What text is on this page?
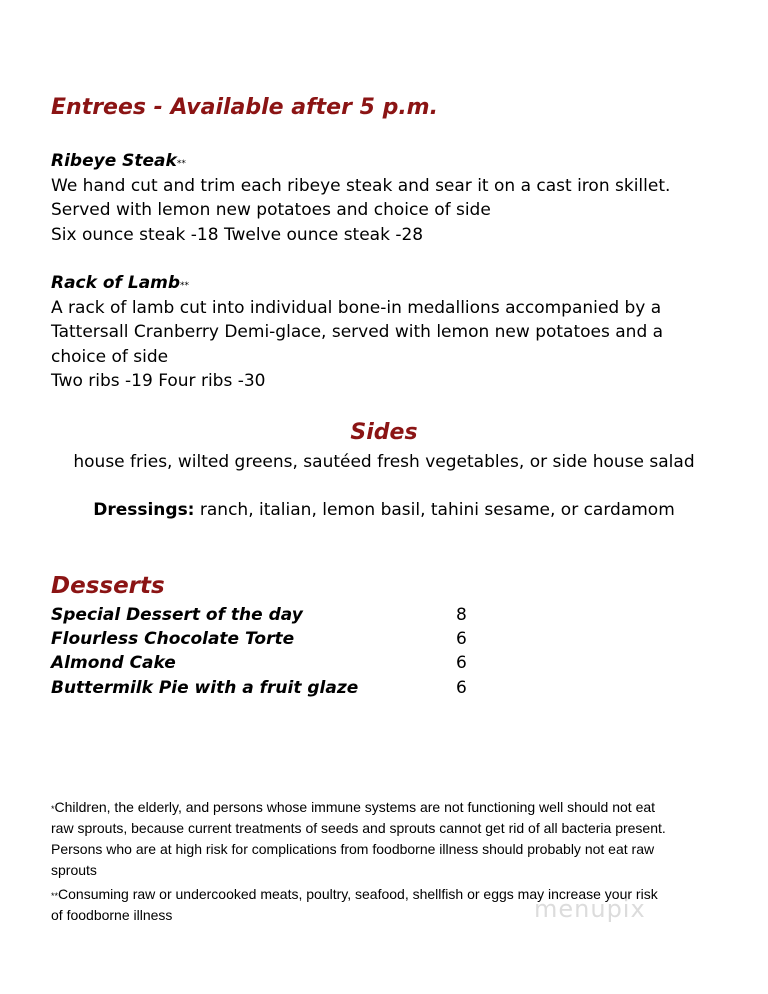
Entrees - Available after 5 p.m.
Ribeye Steak**
We hand cut and trim each ribeye steak and sear it on a cast iron skillet.
Served with lemon new potatoes and choice of side
Six ounce steak -18 Twelve ounce steak -28
Rack of Lamb**
A rack of lamb cut into individual bone-in medallions accompanied by a
Tattersall Cranberry Demi-glace, served with lemon new potatoes and a
choice of side
Two ribs -19 Four ribs -30
Sides
house fries, wilted greens, sautéed fresh vegetables, or side house salad
Dressings: ranch, italian, lemon basil, tahini sesame, or cardamom
Desserts
Special Dessert of the day	8
Flourless Chocolate Torte	6
Almond Cake	6
Buttermilk Pie with a fruit glaze	6
*Children, the elderly, and persons whose immune systems are not functioning well should not eat
raw sprouts, because current treatments of seeds and sprouts cannot get rid of all bacteria present.
Persons who are at high risk for complications from foodborne illness should probably not eat raw
sprouts
**Consuming raw or undercooked meats, poultry, seafood, shellfish or eggs may increase your risk
of foodborne illness	menupix
